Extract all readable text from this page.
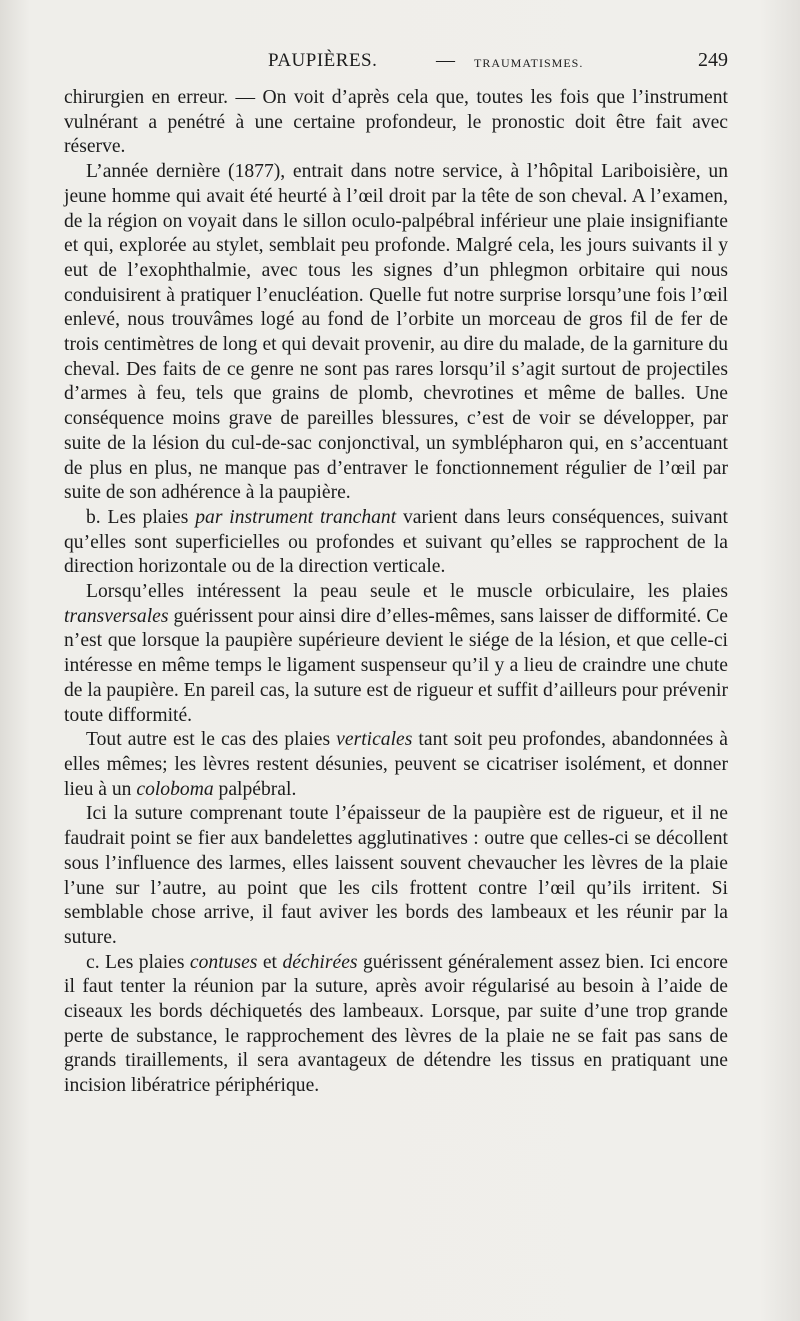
PAUPIÈRES.	— TRAUMATISMES.	249

chirurgien en erreur. — On voit d’après cela que, toutes les fois que l’instrument vulnérant a penétré à une certaine profondeur, le pronostic doit être fait avec réserve.

L’année dernière (1877), entrait dans notre service, à l’hôpital Lariboisière, un jeune homme qui avait été heurté à l’œil droit par la tête de son cheval. A l’examen, de la région on voyait dans le sillon oculo-palpébral inférieur une plaie insignifiante et qui, explorée au stylet, semblait peu profonde. Malgré cela, les jours suivants il y eut de l’exophthalmie, avec tous les signes d’un phlegmon orbitaire qui nous conduisirent à pratiquer l’enucléation. Quelle fut notre surprise lorsqu’une fois l’œil enlevé, nous trouvâmes logé au fond de l’orbite un morceau de gros fil de fer de trois centimètres de long et qui devait provenir, au dire du malade, de la garniture du cheval. Des faits de ce genre ne sont pas rares lorsqu’il s’agit surtout de projectiles d’armes à feu, tels que grains de plomb, chevrotines et même de balles. Une conséquence moins grave de pareilles blessures, c’est de voir se développer, par suite de la lésion du cul-de-sac conjonctival, un symblépharon qui, en s’accentuant de plus en plus, ne manque pas d’entraver le fonctionnement régulier de l’œil par suite de son adhérence à la paupière.

b. Les plaies par instrument tranchant varient dans leurs conséquences, suivant qu’elles sont superficielles ou profondes et suivant qu’elles se rapprochent de la direction horizontale ou de la direction verticale.

Lorsqu’elles intéressent la peau seule et le muscle orbiculaire, les plaies transversales guérissent pour ainsi dire d’elles-mêmes, sans laisser de difformité. Ce n’est que lorsque la paupière supérieure devient le siége de la lésion, et que celle-ci intéresse en même temps le ligament suspenseur qu’il y a lieu de craindre une chute de la paupière. En pareil cas, la suture est de rigueur et suffit d’ailleurs pour prévenir toute difformité.

Tout autre est le cas des plaies verticales tant soit peu profondes, abandonnées à elles mêmes; les lèvres restent désunies, peuvent se cicatriser isolément, et donner lieu à un coloboma palpébral.

Ici la suture comprenant toute l’épaisseur de la paupière est de rigueur, et il ne faudrait point se fier aux bandelettes agglutinatives : outre que celles-ci se décollent sous l’influence des larmes, elles laissent souvent chevaucher les lèvres de la plaie l’une sur l’autre, au point que les cils frottent contre l’œil qu’ils irritent. Si semblable chose arrive, il faut aviver les bords des lambeaux et les réunir par la suture.

c. Les plaies contuses et déchirées guérissent généralement assez bien. Ici encore il faut tenter la réunion par la suture, après avoir régularisé au besoin à l’aide de ciseaux les bords déchiquetés des lambeaux. Lorsque, par suite d’une trop grande perte de substance, le rapprochement des lèvres de la plaie ne se fait pas sans de grands tiraillements, il sera avantageux de détendre les tissus en pratiquant une incision libératrice périphérique.
